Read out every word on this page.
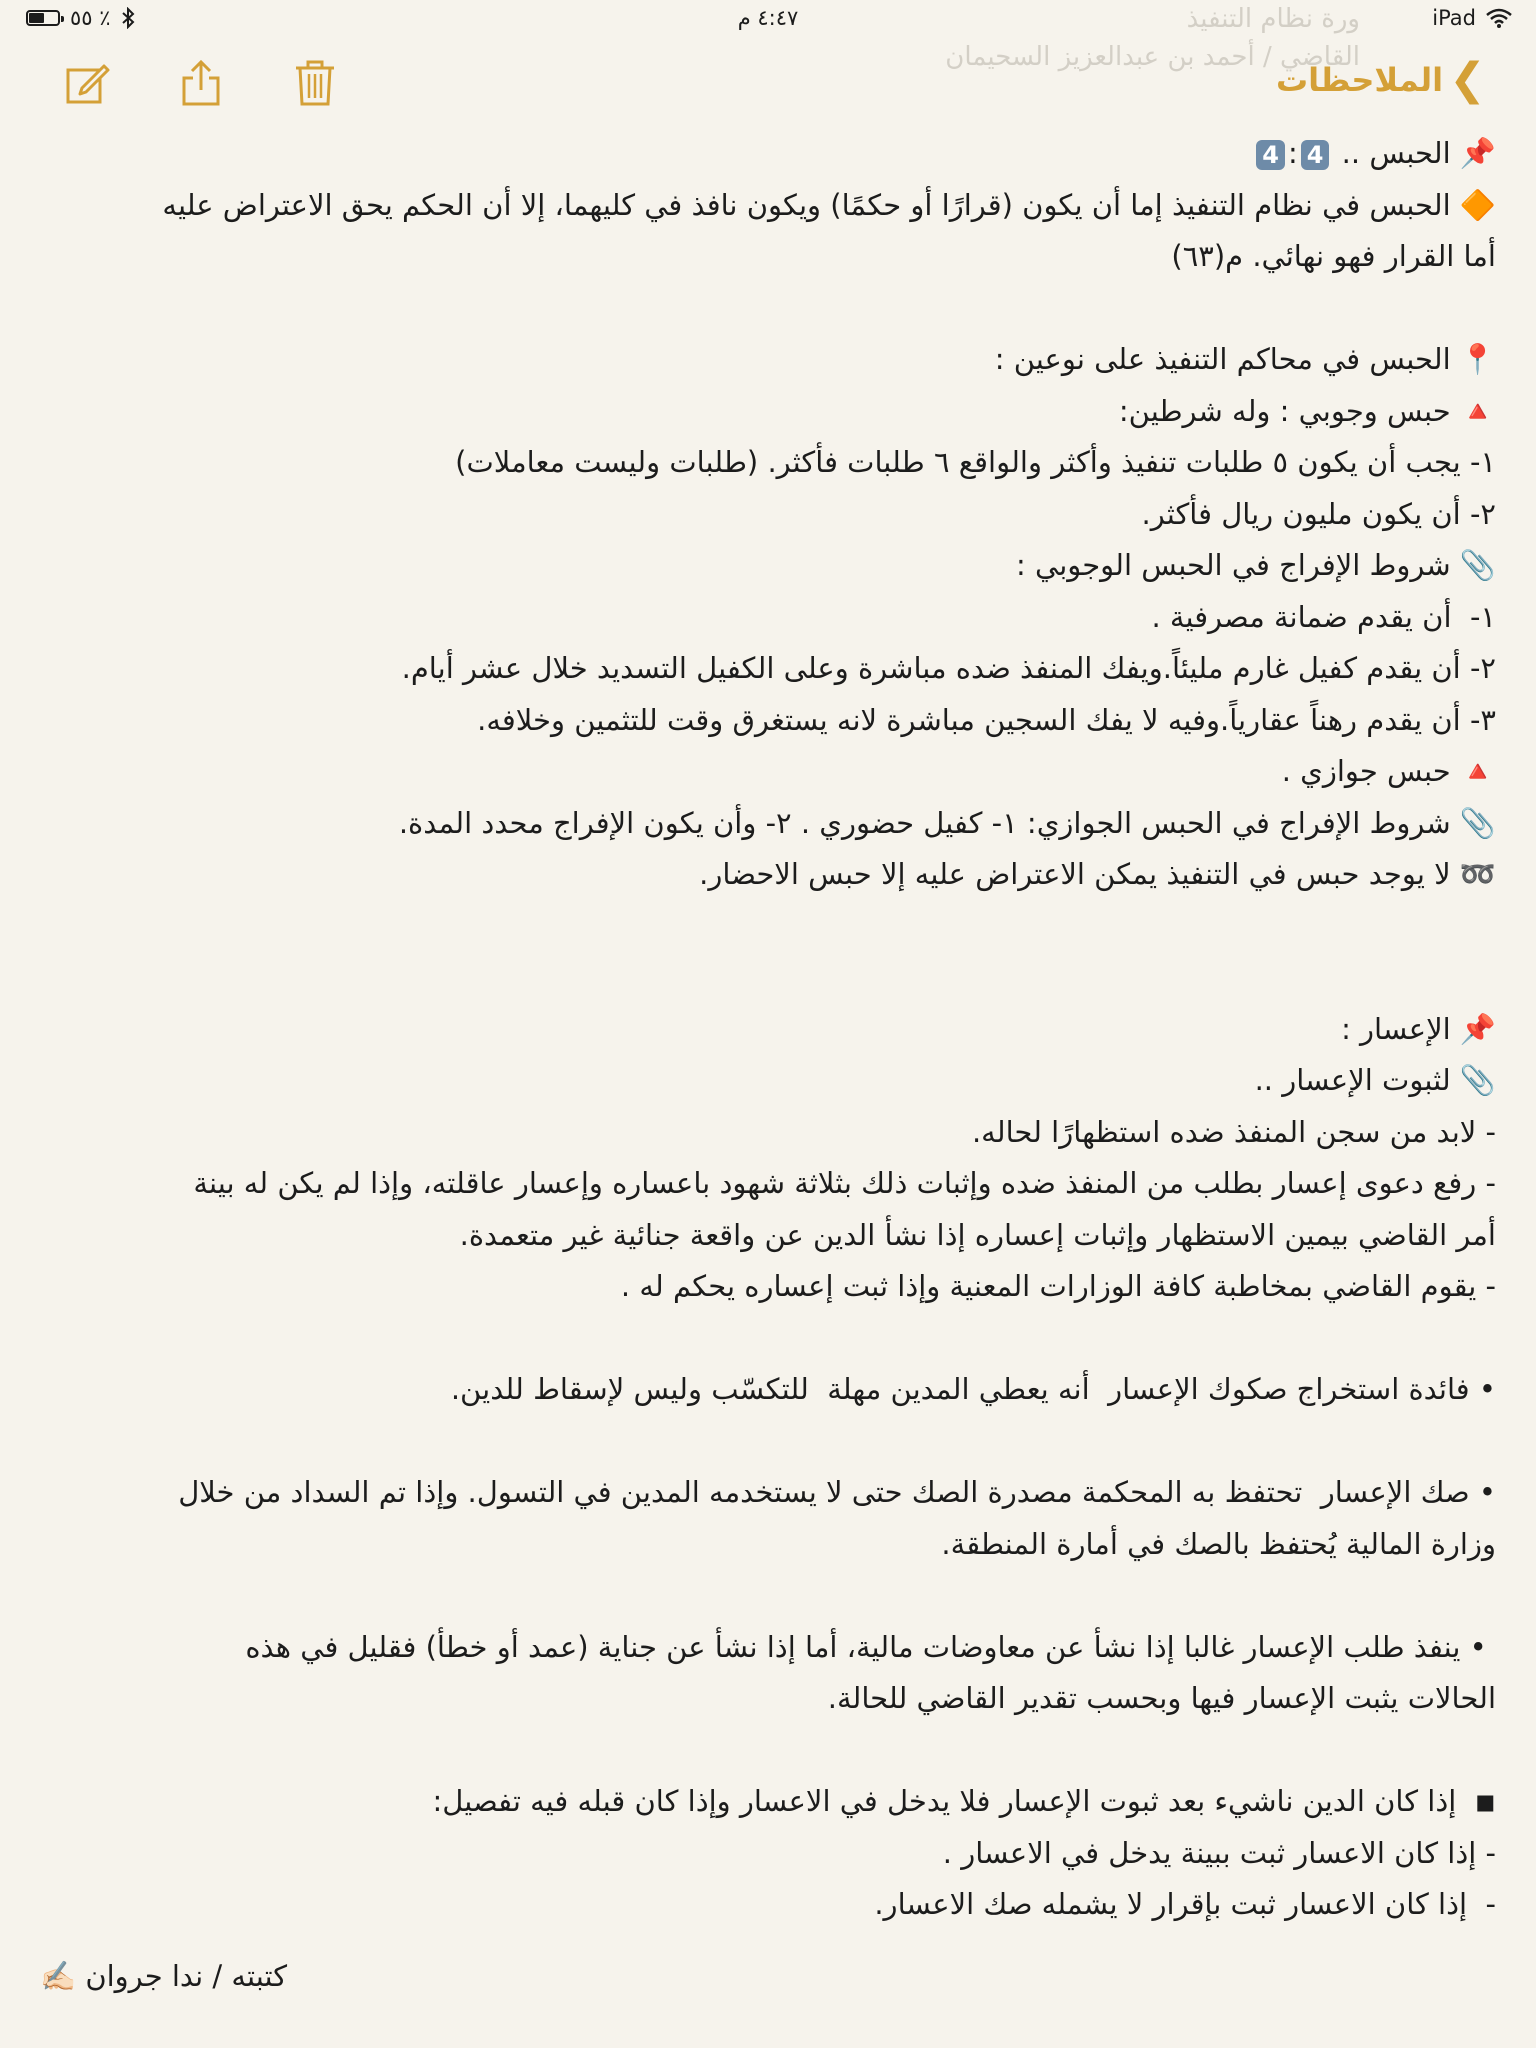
٥٥ ٪	٤:٤٧ م	iPad
ورة نظام التنفيذ
القاضي / أحمد بن عبدالعزيز السحيمان ❯
الملاحظات
📌 الحبس .. 4:4
🔶 الحبس في نظام التنفيذ إما أن يكون (قرارًا أو حكمًا) ويكون نافذ في كليهما، إلا أن الحكم يحق الاعتراض عليه
أما القرار فهو نهائي. م(٦٣)
📍 الحبس في محاكم التنفيذ على نوعين :
🔺 حبس وجوبي : وله شرطين:
١- يجب أن يكون ٥ طلبات تنفيذ وأكثر والواقع ٦ طلبات فأكثر. (طلبات وليست معاملات)
٢- أن يكون مليون ريال فأكثر.
📎 شروط الإفراج في الحبس الوجوبي :
١-  أن يقدم ضمانة مصرفية .
٢- أن يقدم كفيل غارم مليئاً.ويفك المنفذ ضده مباشرة وعلى الكفيل التسديد خلال عشر أيام.
٣- أن يقدم رهناً عقارياً.وفيه لا يفك السجين مباشرة لانه يستغرق وقت للتثمين وخلافه.
🔺 حبس جوازي .
📎 شروط الإفراج في الحبس الجوازي: ١- كفيل حضوري . ٢- وأن يكون الإفراج محدد المدة.
➿ لا يوجد حبس في التنفيذ يمكن الاعتراض عليه إلا حبس الاحضار.
📌 الإعسار :
📎 لثبوت الإعسار ..
- لابد من سجن المنفذ ضده استظهارًا لحاله.
- رفع دعوى إعسار بطلب من المنفذ ضده وإثبات ذلك بثلاثة شهود باعساره وإعسار عاقلته، وإذا لم يكن له بينة
أمر القاضي بيمين الاستظهار وإثبات إعساره إذا نشأ الدين عن واقعة جنائية غير متعمدة.
- يقوم القاضي بمخاطبة كافة الوزارات المعنية وإذا ثبت إعساره يحكم له .
• فائدة استخراج صكوك الإعسار  أنه يعطي المدين مهلة  للتكسّب وليس لإسقاط للدين.
• صك الإعسار  تحتفظ به المحكمة مصدرة الصك حتى لا يستخدمه المدين في التسول. وإذا تم السداد من خلال
وزارة المالية يُحتفظ بالصك في أمارة المنطقة.
• ينفذ طلب الإعسار غالبا إذا نشأ عن معاوضات مالية، أما إذا نشأ عن جناية (عمد أو خطأ) فقليل في هذه
الحالات يثبت الإعسار فيها وبحسب تقدير القاضي للحالة.
◾  إذا كان الدين ناشيء بعد ثبوت الإعسار فلا يدخل في الاعسار وإذا كان قبله فيه تفصيل:
- إذا كان الاعسار ثبت ببينة يدخل في الاعسار .
-  إذا كان الاعسار ثبت بإقرار لا يشمله صك الاعسار.
كتبته / ندا جروان ✍🏻
